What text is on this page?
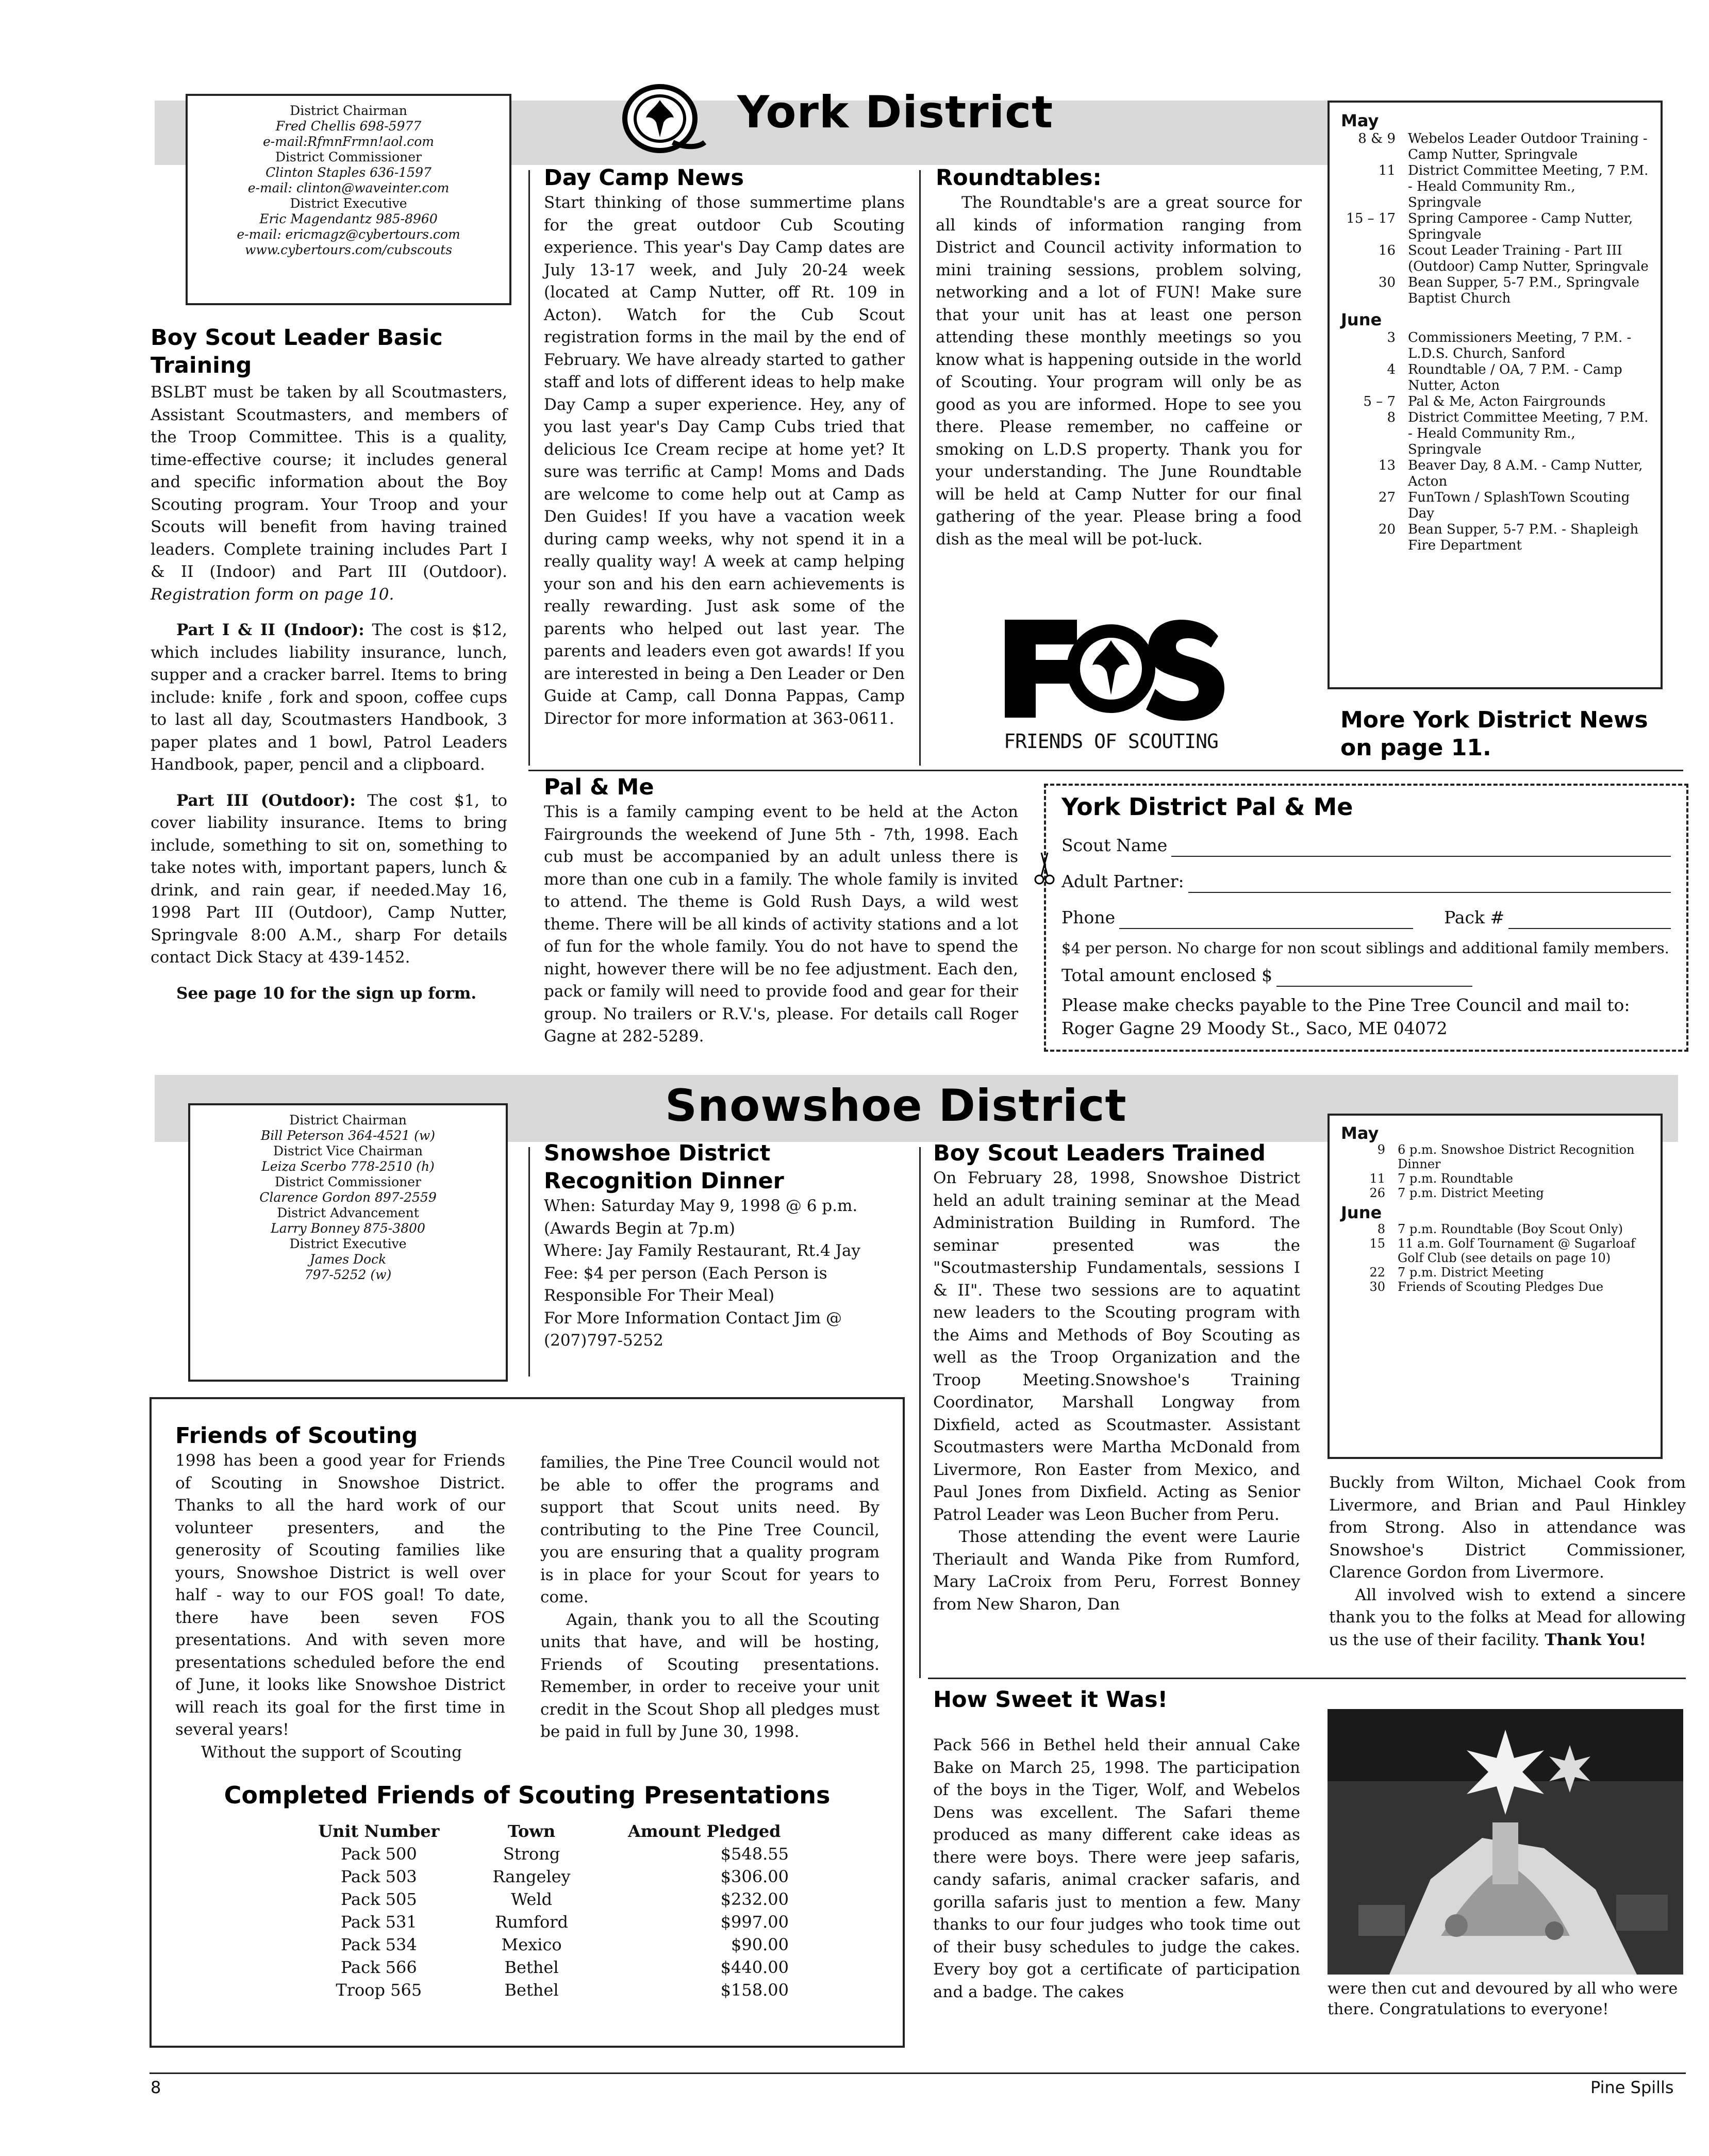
York District
District Chairman
Fred Chellis 698-5977
e-mail:RfmnFrmn!aol.com
District Commissioner
Clinton Staples 636-1597
e-mail: clinton@waveinter.com
District Executive
Eric Magendantz 985-8960
e-mail: ericmagz@cybertours.com
www.cybertours.com/cubscouts
Boy Scout Leader Basic Training

BSLBT must be taken by all Scoutmasters, Assistant Scoutmasters, and members of the Troop Committee. This is a quality, time-effective course; it includes general and specific information about the Boy Scouting program. Your Troop and your Scouts will benefit from having trained leaders. Complete training includes Part I & II (Indoor) and Part III (Outdoor). Registration form on page 10.

Part I & II (Indoor): The cost is $12, which includes liability insurance, lunch, supper and a cracker barrel. Items to bring include: knife , fork and spoon, coffee cups to last all day, Scoutmasters Handbook, 3 paper plates and 1 bowl, Patrol Leaders Handbook, paper, pencil and a clipboard.

Part III (Outdoor): The cost $1, to cover liability insurance. Items to bring include, something to sit on, something to take notes with, important papers, lunch & drink, and rain gear, if needed.May 16, 1998 Part III (Outdoor), Camp Nutter, Springvale 8:00 A.M., sharp For details contact Dick Stacy at 439-1452.

See page 10 for the sign up form.

Day Camp News

Start thinking of those summertime plans for the great outdoor Cub Scouting experience. This year's Day Camp dates are July 13-17 week, and July 20-24 week (located at Camp Nutter, off Rt. 109 in Acton). Watch for the Cub Scout registration forms in the mail by the end of February. We have already started to gather staff and lots of different ideas to help make Day Camp a super experience. Hey, any of you last year's Day Camp Cubs tried that delicious Ice Cream recipe at home yet? It sure was terrific at Camp! Moms and Dads are welcome to come help out at Camp as Den Guides! If you have a vacation week during camp weeks, why not spend it in a really quality way! A week at camp helping your son and his den earn achievements is really rewarding. Just ask some of the parents who helped out last year. The parents and leaders even got awards! If you are interested in being a Den Leader or Den Guide at Camp, call Donna Pappas, Camp Director for more information at 363-0611.

Roundtables:

The Roundtable's are a great source for all kinds of information ranging from District and Council activity information to mini training sessions, problem solving, networking and a lot of FUN! Make sure that your unit has at least one person attending these monthly meetings so you know what is happening outside in the world of Scouting. Your program will only be as good as you are informed. Hope to see you there. Please remember, no caffeine or smoking on L.D.S property. Thank you for your understanding. The June Roundtable will be held at Camp Nutter for our final gathering of the year. Please bring a food dish as the meal will be pot-luck.

FRIENDS OF SCOUTING
May
8 & 9 Webelos Leader Outdoor Training - Camp Nutter, Springvale
11 District Committee Meeting, 7 P.M. - Heald Community Rm., Springvale
15 – 17 Spring Camporee - Camp Nutter, Springvale
16 Scout Leader Training - Part III (Outdoor) Camp Nutter, Springvale
30 Bean Supper, 5-7 P.M., Springvale Baptist Church
June
3 Commissioners Meeting, 7 P.M. - L.D.S. Church, Sanford
4 Roundtable / OA, 7 P.M. - Camp Nutter, Acton
5 – 7 Pal & Me, Acton Fairgrounds
8 District Committee Meeting, 7 P.M. - Heald Community Rm., Springvale
13 Beaver Day, 8 A.M. - Camp Nutter, Acton
27 FunTown / SplashTown Scouting Day
20 Bean Supper, 5-7 P.M. - Shapleigh Fire Department
More York District News on page 11.
Pal & Me

This is a family camping event to be held at the Acton Fairgrounds the weekend of June 5th - 7th, 1998. Each cub must be accompanied by an adult unless there is more than one cub in a family. The whole family is invited to attend. The theme is Gold Rush Days, a wild west theme. There will be all kinds of activity stations and a lot of fun for the whole family. You do not have to spend the night, however there will be no fee adjustment. Each den, pack or family will need to provide food and gear for their group. No trailers or R.V.'s, please. For details call Roger Gagne at 282-5289.

York District Pal & Me
Scout Name
Adult Partner:
Phone	Pack #
$4 per person. No charge for non scout siblings and additional family members.
Total amount enclosed $
Please make checks payable to the Pine Tree Council and mail to:
Roger Gagne 29 Moody St., Saco, ME 04072
Snowshoe District
District Chairman
Bill Peterson 364-4521 (w)
District Vice Chairman
Leiza Scerbo 778-2510 (h)
District Commissioner
Clarence Gordon 897-2559
District Advancement
Larry Bonney 875-3800
District Executive
James Dock
797-5252 (w)
Snowshoe District Recognition Dinner

When: Saturday May 9, 1998 @ 6 p.m. (Awards Begin at 7p.m)

Where: Jay Family Restaurant, Rt.4 Jay

Fee: $4 per person (Each Person is Responsible For Their Meal)

For More Information Contact Jim @ (207)797-5252

Boy Scout Leaders Trained

On February 28, 1998, Snowshoe District held an adult training seminar at the Mead Administration Building in Rumford. The seminar presented was the "Scoutmastership Fundamentals, sessions I & II". These two sessions are to aquatint new leaders to the Scouting program with the Aims and Methods of Boy Scouting as well as the Troop Organization and the Troop Meeting.Snowshoe's Training Coordinator, Marshall Longway from Dixfield, acted as Scoutmaster. Assistant Scoutmasters were Martha McDonald from Livermore, Ron Easter from Mexico, and Paul Jones from Dixfield. Acting as Senior Patrol Leader was Leon Bucher from Peru.

Those attending the event were Laurie Theriault and Wanda Pike from Rumford, Mary LaCroix from Peru, Forrest Bonney from New Sharon, Dan

Buckly from Wilton, Michael Cook from Livermore, and Brian and Paul Hinkley from Strong. Also in attendance was Snowshoe's District Commissioner, Clarence Gordon from Livermore.

All involved wish to extend a sincere thank you to the folks at Mead for allowing us the use of their facility. Thank You!

May
9	6 p.m. Snowshoe District Recognition Dinner
11	7 p.m. Roundtable
26	7 p.m. District Meeting
June
8	7 p.m. Roundtable (Boy Scout Only)
15	11 a.m. Golf Tournament @ Sugarloaf Golf Club (see details on page 10)
22	7 p.m. District Meeting
30	Friends of Scouting Pledges Due
Friends of Scouting

1998 has been a good year for Friends of Scouting in Snowshoe District. Thanks to all the hard work of our volunteer presenters, and the generosity of Scouting families like yours, Snowshoe District is well over half - way to our FOS goal! To date, there have been seven FOS presentations. And with seven more presentations scheduled before the end of June, it looks like Snowshoe District will reach its goal for the first time in several years!

Without the support of Scouting

families, the Pine Tree Council would not be able to offer the programs and support that Scout units need. By contributing to the Pine Tree Council, you are ensuring that a quality program is in place for your Scout for years to come.

Again, thank you to all the Scouting units that have, and will be hosting, Friends of Scouting presentations. Remember, in order to receive your unit credit in the Scout Shop all pledges must be paid in full by June 30, 1998.

Completed Friends of Scouting Presentations
Unit Number	Town	Amount Pledged
Pack 500	Strong	$548.55
Pack 503	Rangeley	$306.00
Pack 505	Weld	$232.00
Pack 531	Rumford	$997.00
Pack 534	Mexico	$90.00
Pack 566	Bethel	$440.00
Troop 565	Bethel	$158.00
How Sweet it Was!

Pack 566 in Bethel held their annual Cake Bake on March 25, 1998. The participation of the boys in the Tiger, Wolf, and Webelos Dens was excellent. The Safari theme produced as many different cake ideas as there were boys. There were jeep safaris, candy safaris, animal cracker safaris, and gorilla safaris just to mention a few. Many thanks to our four judges who took time out of their busy schedules to judge the cakes. Every boy got a certificate of participation and a badge. The cakes	were then cut and devoured by all who were there. Congratulations to everyone!
8	Pine Spills
